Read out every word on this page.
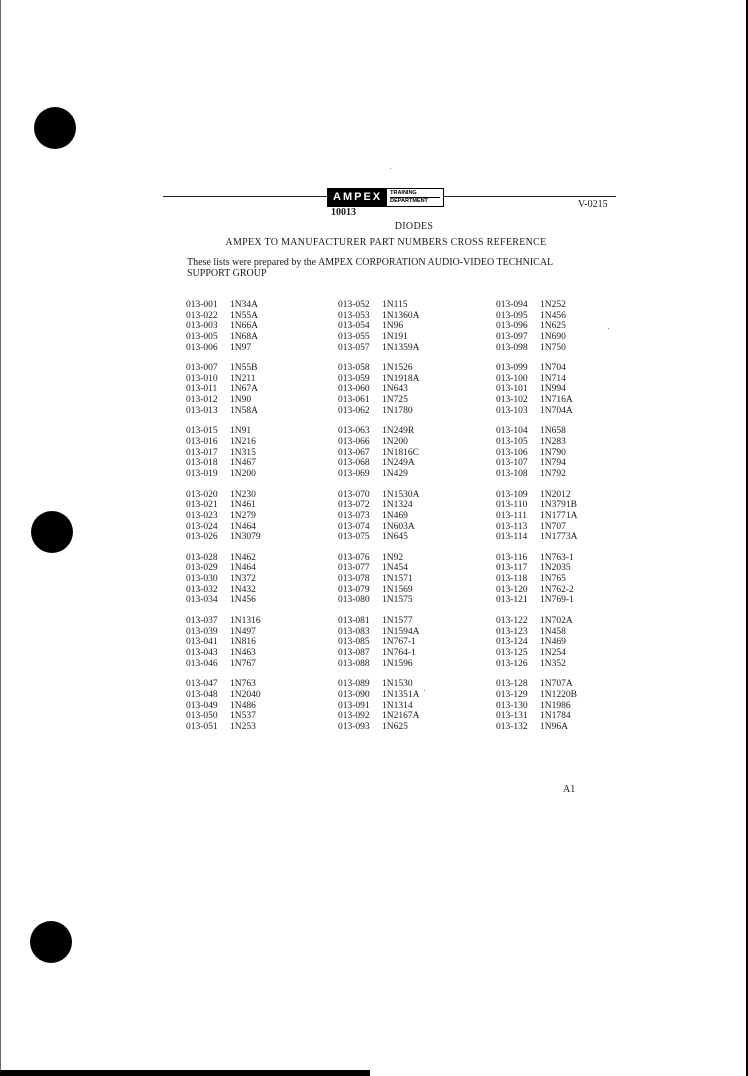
AMPEX	TRAINING
DEPARTMENT
10013
V-0215
DIODES
AMPEX TO MANUFACTURER PART NUMBERS CROSS REFERENCE
These lists were prepared by the AMPEX CORPORATION AUDIO-VIDEO TECHNICAL
SUPPORT GROUP
013-001 1N34A
013-022 1N55A
013-003 1N66A
013-005 1N68A
013-006 1N97
013-007 1N55B
013-010 1N211
013-011 1N67A
013-012 1N90
013-013 1N58A
013-015 1N91
013-016 1N216
013-017 1N315
013-018 1N467
013-019 1N200
013-020 1N230
013-021 1N461
013-023 1N279
013-024 1N464
013-026 1N3079
013-028 1N462
013-029 1N464
013-030 1N372
013-032 1N432
013-034 1N456
013-037 1N1316
013-039 1N497
013-041 1N816
013-043 1N463
013-046 1N767
013-047 1N763
013-048 1N2040
013-049 1N486
013-050 1N537
013-051 1N253
013-052 1N115
013-053 1N1360A
013-054 1N96
013-055 1N191
013-057 1N1359A
013-058 1N1526
013-059 1N1918A
013-060 1N643
013-061 1N725
013-062 1N1780
013-063 1N249R
013-066 1N200
013-067 1N1816C
013-068 1N249A
013-069 1N429
013-070 1N1530A
013-072 1N1324
013-073 1N469
013-074 1N603A
013-075 1N645
013-076 1N92
013-077 1N454
013-078 1N1571
013-079 1N1569
013-080 1N1575
013-081 1N1577
013-083 1N1594A
013-085 1N767-1
013-087 1N764-1
013-088 1N1596
013-089 1N1530
013-090 1N1351A
013-091 1N1314
013-092 1N2167A
013-093 1N625
013-094 1N252
013-095 1N456
013-096 1N625
013-097 1N690
013-098 1N750
013-099 1N704
013-100 1N714
013-101 1N994
013-102 1N716A
013-103 1N704A
013-104 1N658
013-105 1N283
013-106 1N790
013-107 1N794
013-108 1N792
013-109 1N2012
013-110 1N3791B
013-111 1N1771A
013-113 1N707
013-114 1N1773A
013-116 1N763-1
013-117 1N2035
013-118 1N765
013-120 1N762-2
013-121 1N769-1
013-122 1N702A
013-123 1N458
013-124 1N469
013-125 1N254
013-126 1N352
013-128 1N707A
013-129 1N1220B
013-130 1N1986
013-131 1N1784
013-132 1N96A
A1
